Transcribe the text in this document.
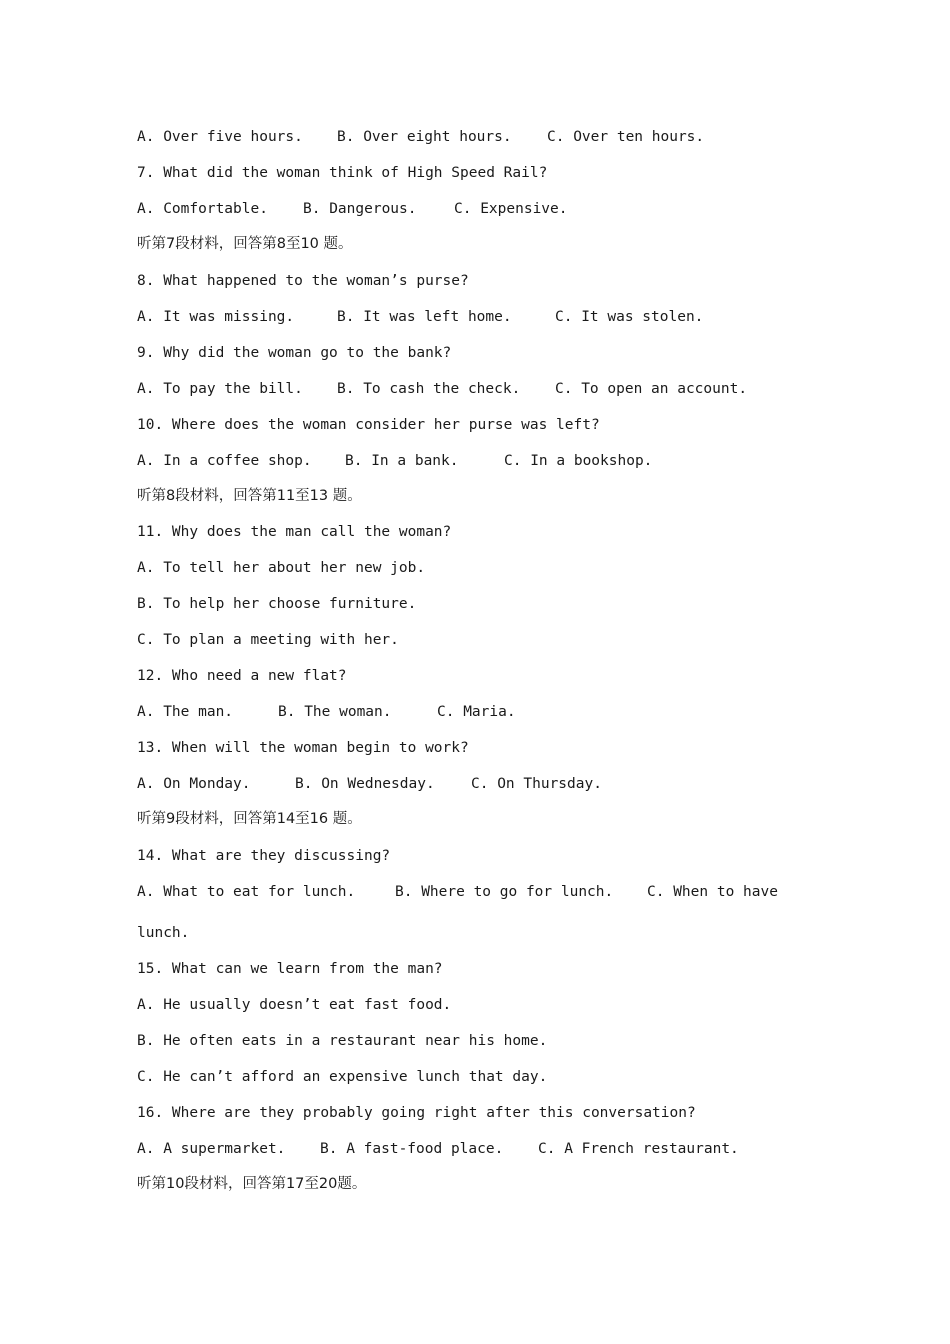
A. Over five hours.

B. Over eight hours.

C. Over ten hours.

7. What did the woman think of High Speed Rail?

A. Comfortable.

B. Dangerous.

	C. Expensive.

听第7段材料，回答第8至10 题。
8. What happened to the woman’s purse?

A. It was missing.

	B. It was left home.

	C. It was stolen.

9. Why did the woman go to the bank?

A. To pay the bill.

B. To cash the check.

C. To open an account.

10. Where does the woman consider her purse was left?

A. In a coffee shop.

B. In a bank.

	C. In a bookshop.

听第8段材料，回答第11至13 题。
11. Why does the man call the woman?
A. To tell her about her new job.
B. To help her choose furniture.
C. To plan a meeting with her.
12. Who need a new flat?

A. The man.

	B. The woman.

	C. Maria.

13. When will the woman begin to work?

A. On Monday.

	B. On Wednesday.

	C. On Thursday.

听第9段材料，回答第14至16 题。
14. What are they discussing?

A. What to eat for lunch.

	B. Where to go for lunch.

C. When to have

lunch.
15. What can we learn from the man?
A. He usually doesn’t eat fast food.
B. He often eats in a restaurant near his home.
C. He can’t afford an expensive lunch that day.
16. Where are they probably going right after this conversation?

A. A supermarket.

B. A fast-food place.

C. A French restaurant.

听第10段材料，回答第17至20题。
